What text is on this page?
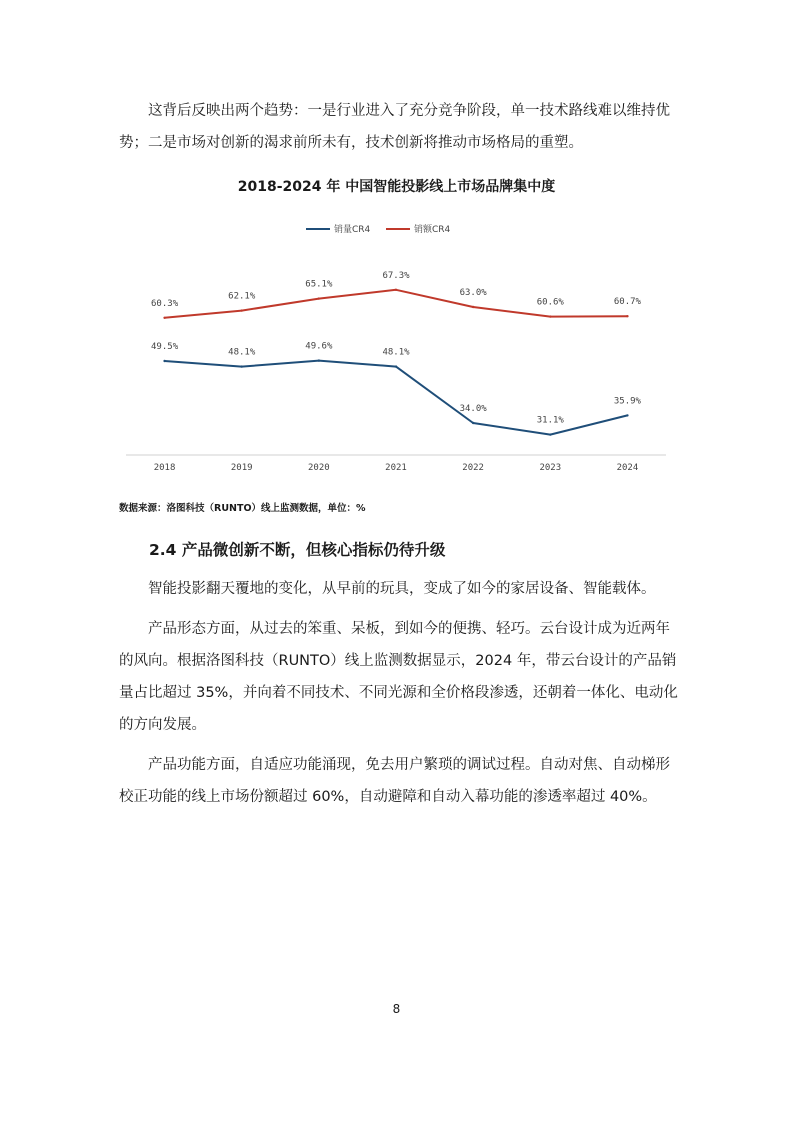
这背后反映出两个趋势：一是行业进入了充分竞争阶段，单一技术路线难以维持优势；二是市场对创新的渴求前所未有，技术创新将推动市场格局的重塑。

2018-2024 年 中国智能投影线上市场品牌集中度
2018	2019	2020	2021	2022	2023	2024
销量CR4	销额CR4
49.5%
48.1%
49.6%
48.1%
34.0%
31.1%
35.9%
60.3%
62.1%
65.1%
67.3%
63.0%
60.6%	60.7%

数据来源：洛图科技（RUNTO）线上监测数据，单位：%

2.4 产品微创新不断，但核心指标仍待升级

智能投影翻天覆地的变化，从早前的玩具，变成了如今的家居设备、智能载体。

产品形态方面，从过去的笨重、呆板，到如今的便携、轻巧。云台设计成为近两年的风向。根据洛图科技（RUNTO）线上监测数据显示，2024 年，带云台设计的产品销量占比超过 35%，并向着不同技术、不同光源和全价格段渗透，还朝着一体化、电动化的方向发展。

产品功能方面，自适应功能涌现，免去用户繁琐的调试过程。自动对焦、自动梯形校正功能的线上市场份额超过 60%，自动避障和自动入幕功能的渗透率超过 40%。

8
